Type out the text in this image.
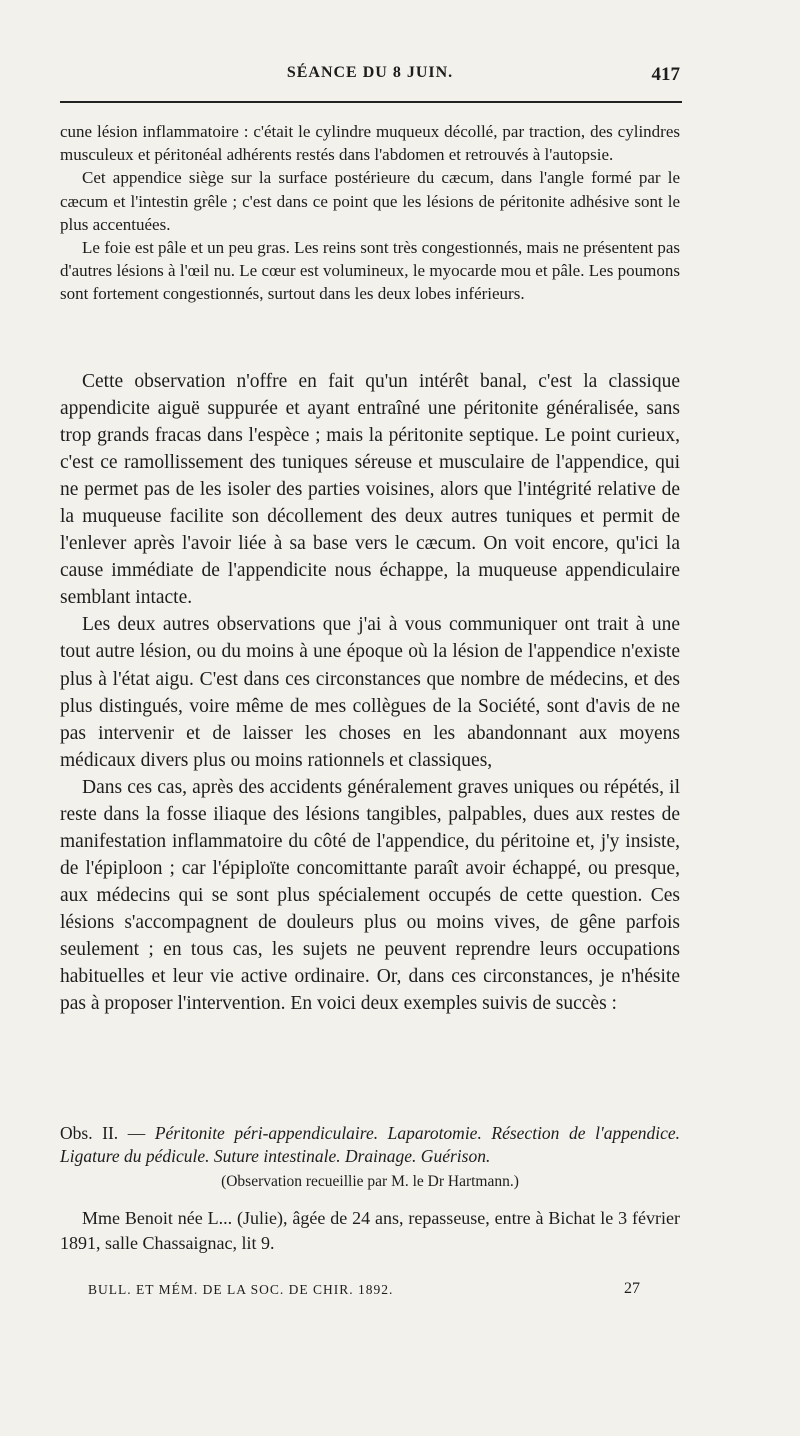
SÉANCE DU 8 JUIN.	417

cune lésion inflammatoire : c'était le cylindre muqueux décollé, par traction, des cylindres musculeux et péritonéal adhérents restés dans l'abdomen et retrouvés à l'autopsie.

Cet appendice siège sur la surface postérieure du cæcum, dans l'angle formé par le cæcum et l'intestin grêle ; c'est dans ce point que les lésions de péritonite adhésive sont le plus accentuées.

Le foie est pâle et un peu gras. Les reins sont très congestionnés, mais ne présentent pas d'autres lésions à l'œil nu. Le cœur est volumineux, le myocarde mou et pâle. Les poumons sont fortement congestionnés, surtout dans les deux lobes inférieurs.

Cette observation n'offre en fait qu'un intérêt banal, c'est la classique appendicite aiguë suppurée et ayant entraîné une péritonite généralisée, sans trop grands fracas dans l'espèce ; mais la péritonite septique. Le point curieux, c'est ce ramollissement des tuniques séreuse et musculaire de l'appendice, qui ne permet pas de les isoler des parties voisines, alors que l'intégrité relative de la muqueuse facilite son décollement des deux autres tuniques et permit de l'enlever après l'avoir liée à sa base vers le cæcum. On voit encore, qu'ici la cause immédiate de l'appendicite nous échappe, la muqueuse appendiculaire semblant intacte.

Les deux autres observations que j'ai à vous communiquer ont trait à une tout autre lésion, ou du moins à une époque où la lésion de l'appendice n'existe plus à l'état aigu. C'est dans ces circonstances que nombre de médecins, et des plus distingués, voire même de mes collègues de la Société, sont d'avis de ne pas intervenir et de laisser les choses en les abandonnant aux moyens médicaux divers plus ou moins rationnels et classiques,

Dans ces cas, après des accidents généralement graves uniques ou répétés, il reste dans la fosse iliaque des lésions tangibles, palpables, dues aux restes de manifestation inflammatoire du côté de l'appendice, du péritoine et, j'y insiste, de l'épiploon ; car l'épiploïte concomittante paraît avoir échappé, ou presque, aux médecins qui se sont plus spécialement occupés de cette question. Ces lésions s'accompagnent de douleurs plus ou moins vives, de gêne parfois seulement ; en tous cas, les sujets ne peuvent reprendre leurs occupations habituelles et leur vie active ordinaire. Or, dans ces circonstances, je n'hésite pas à proposer l'intervention. En voici deux exemples suivis de succès :

Obs. II. — Péritonite péri-appendiculaire. Laparotomie. Résection de l'appendice. Ligature du pédicule. Suture intestinale. Drainage. Guérison.

(Observation recueillie par M. le Dr Hartmann.)

Mme Benoit née L... (Julie), âgée de 24 ans, repasseuse, entre à Bichat le 3 février 1891, salle Chassaignac, lit 9.

BULL. ET MÉM. DE LA SOC. DE CHIR. 1892.	27
